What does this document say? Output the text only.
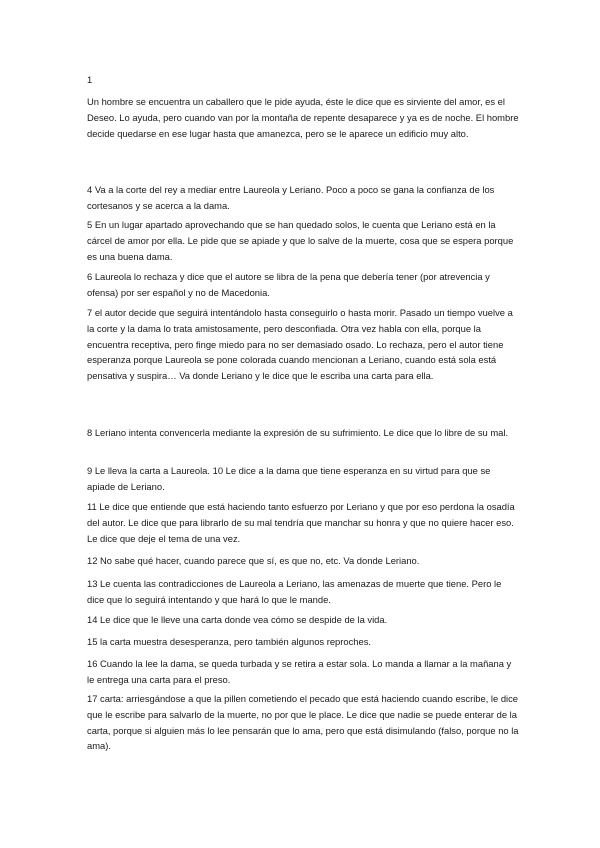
1

Un hombre se encuentra un caballero que le pide ayuda, éste le dice que es sirviente del amor, es el Deseo. Lo ayuda, pero cuando van por la montaña de repente desaparece y ya es de noche. El hombre decide quedarse en ese lugar hasta que amanezca, pero se le aparece un edificio muy alto.

4 Va a la corte del rey a mediar entre Laureola y Leriano. Poco a poco se gana la confianza de los cortesanos y se acerca a la dama.

5 En un lugar apartado aprovechando que se han quedado solos, le cuenta que Leriano está en la cárcel de amor por ella. Le pide que se apiade y que lo salve de la muerte, cosa que se espera porque es una buena dama.

6 Laureola lo rechaza y dice que el autore se libra de la pena que debería tener (por atrevencia y ofensa) por ser español y no de Macedonia.

7 el autor decide que seguirá intentándolo hasta conseguirlo o hasta morir. Pasado un tiempo vuelve a la corte y la dama lo trata amistosamente, pero desconfiada. Otra vez habla con ella, porque la encuentra receptiva, pero finge miedo para no ser demasiado osado. Lo rechaza, pero el autor tiene esperanza porque Laureola se pone colorada cuando mencionan a Leriano, cuando está sola está pensativa y suspira… Va donde Leriano y le dice que le escriba una carta para ella.

8 Leriano intenta convencerla mediante la expresión de su sufrimiento. Le dice que lo libre de su mal.

9 Le lleva la carta a Laureola. 10 Le dice a la dama que tiene esperanza en su virtud para que se apiade de Leriano.

11 Le dice que entiende que está haciendo tanto esfuerzo por Leriano y que por eso perdona la osadía del autor. Le dice que para librarlo de su mal tendría que manchar su honra y que no quiere hacer eso. Le dice que deje el tema de una vez.

12 No sabe qué hacer, cuando parece que sí, es que no, etc. Va donde Leriano.

13 Le cuenta las contradicciones de Laureola a Leriano, las amenazas de muerte que tiene. Pero le dice que lo seguirá intentando y que hará lo que le mande.

14 Le dice que le lleve una carta donde vea cómo se despide de la vida.

15 la carta muestra desesperanza, pero también algunos reproches.

16 Cuando la lee la dama, se queda turbada y se retira a estar sola. Lo manda a llamar a la mañana y le entrega una carta para el preso.

17 carta: arriesgándose a que la pillen cometiendo el pecado que está haciendo cuando escribe, le dice que le escribe para salvarlo de la muerte, no por que le place. Le dice que nadie se puede enterar de la carta, porque si alguien más lo lee pensarán que lo ama, pero que está disimulando (falso, porque no la ama).
